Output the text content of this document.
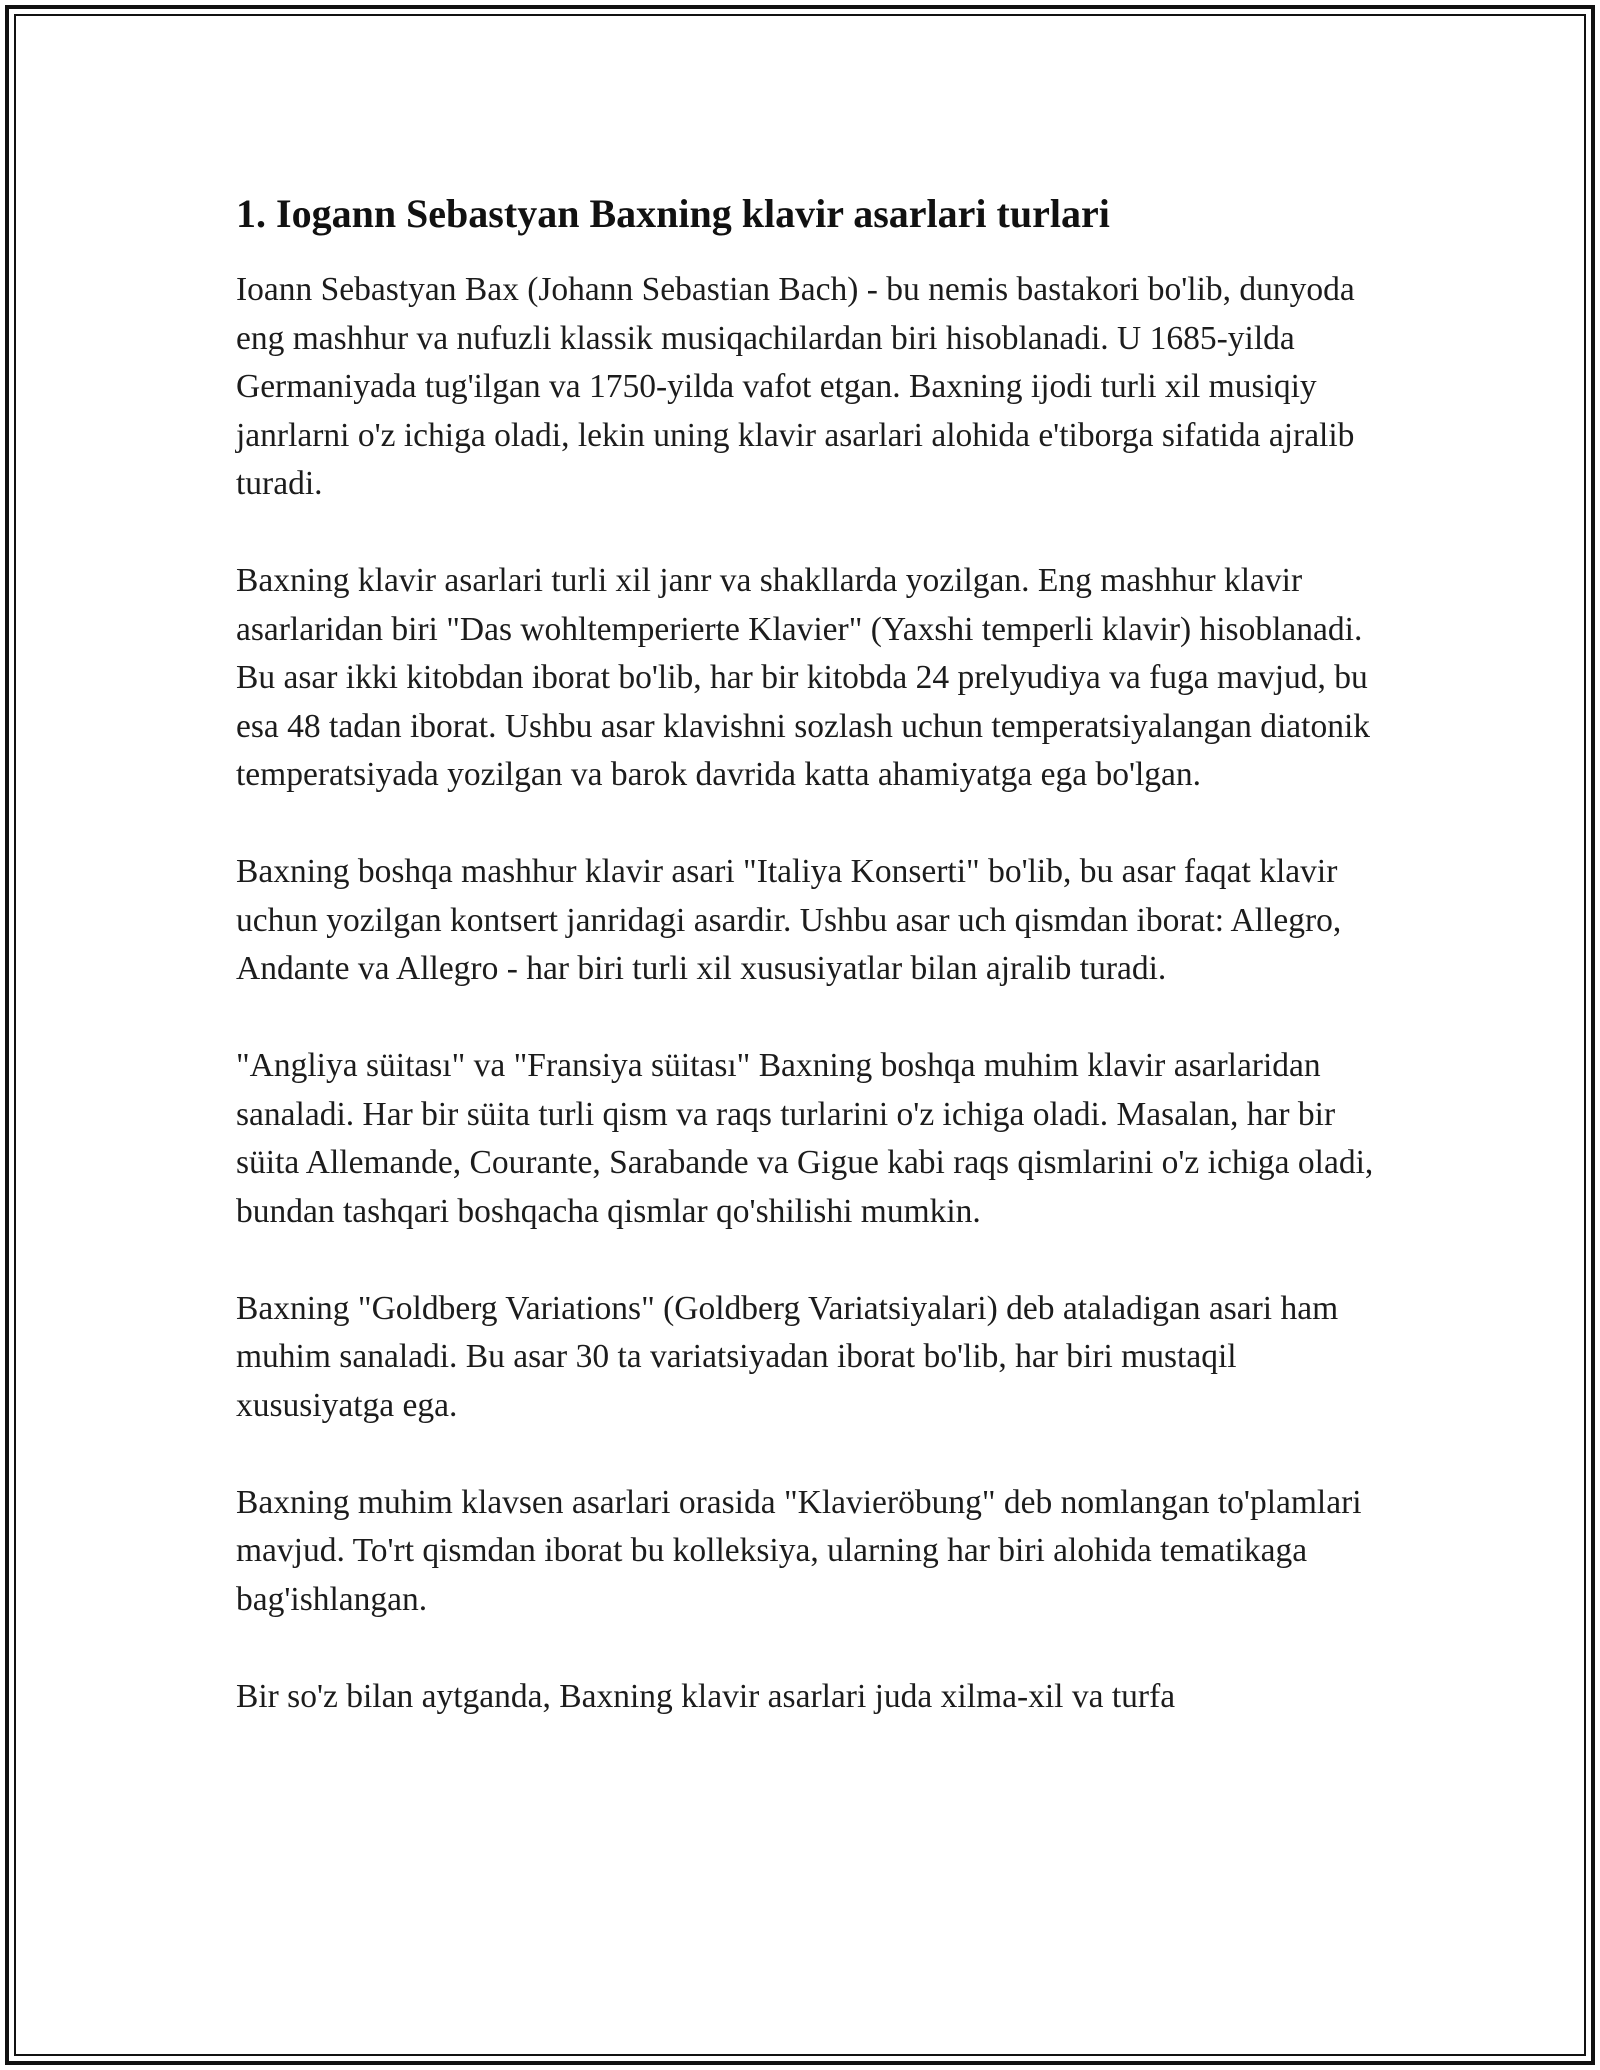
1. Iogann Sebastyan Baxning klavir asarlari turlari

Ioann Sebastyan Bax (Johann Sebastian Bach) - bu nemis bastakori bo'lib, dunyoda eng mashhur va nufuzli klassik musiqachilardan biri hisoblanadi. U 1685-yilda Germaniyada tug'ilgan va 1750-yilda vafot etgan. Baxning ijodi turli xil musiqiy janrlarni o'z ichiga oladi, lekin uning klavir asarlari alohida e'tiborga sifatida ajralib turadi.

Baxning klavir asarlari turli xil janr va shakllarda yozilgan. Eng mashhur klavir asarlaridan biri "Das wohltemperierte Klavier" (Yaxshi temperli klavir) hisoblanadi. Bu asar ikki kitobdan iborat bo'lib, har bir kitobda 24 prelyudiya va fuga mavjud, bu esa 48 tadan iborat. Ushbu asar klavishni sozlash uchun temperatsiyalangan diatonik temperatsiyada yozilgan va barok davrida katta ahamiyatga ega bo'lgan.

Baxning boshqa mashhur klavir asari "Italiya Konserti" bo'lib, bu asar faqat klavir uchun yozilgan kontsert janridagi asardir. Ushbu asar uch qismdan iborat: Allegro, Andante va Allegro - har biri turli xil xususiyatlar bilan ajralib turadi.

"Angliya süitası" va "Fransiya süitası" Baxning boshqa muhim klavir asarlaridan sanaladi. Har bir süita turli qism va raqs turlarini o'z ichiga oladi. Masalan, har bir süita Allemande, Courante, Sarabande va Gigue kabi raqs qismlarini o'z ichiga oladi, bundan tashqari boshqacha qismlar qo'shilishi mumkin.

Baxning "Goldberg Variations" (Goldberg Variatsiyalari) deb ataladigan asari ham muhim sanaladi. Bu asar 30 ta variatsiyadan iborat bo'lib, har biri mustaqil xususiyatga ega.

Baxning muhim klavsen asarlari orasida "Klavieröbung" deb nomlangan to'plamlari mavjud. To'rt qismdan iborat bu kolleksiya, ularning har biri alohida tematikaga bag'ishlangan.

Bir so'z bilan aytganda, Baxning klavir asarlari juda xilma-xil va turfa
